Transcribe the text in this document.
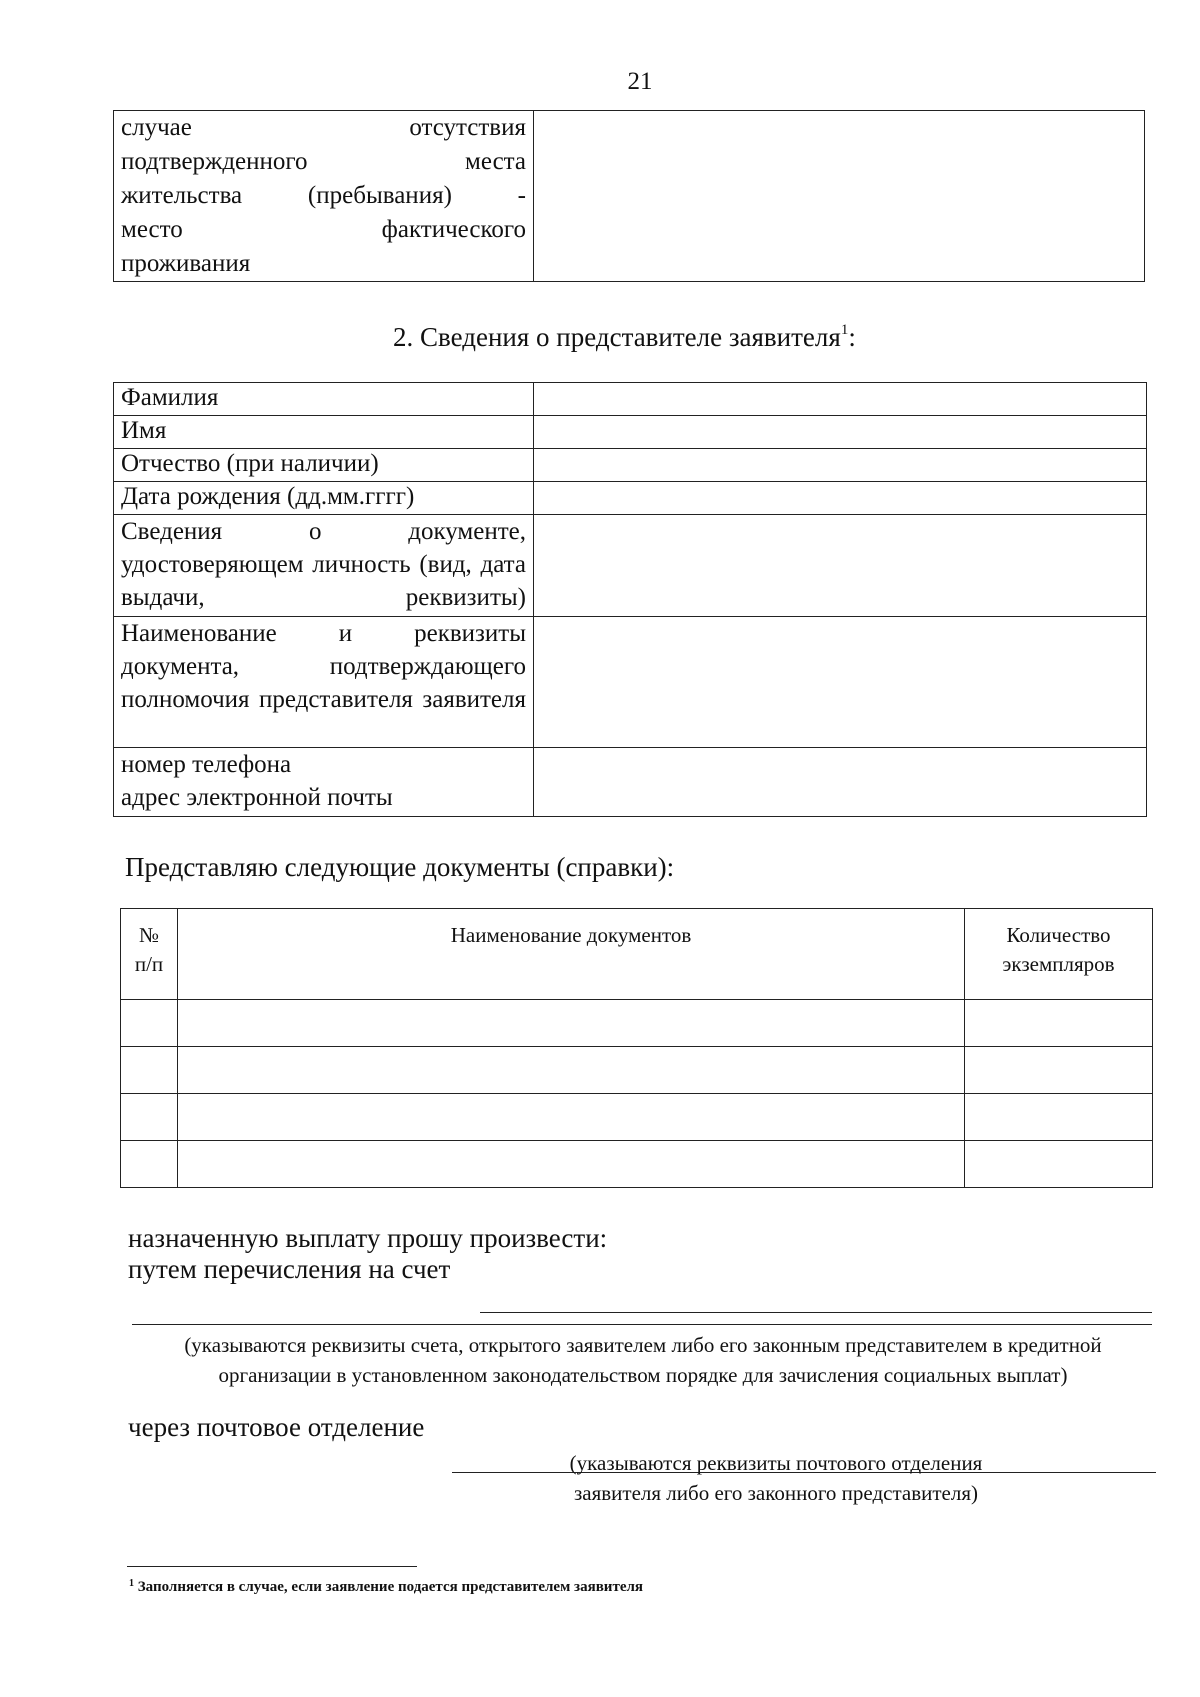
21
случае отсутствия
подтвержденного места
жительства (пребывания) -
место фактического
проживания

2. Сведения о представителе заявителя$^1$:
Фамилия	
Имя	
Отчество (при наличии)	
Дата рождения (дд.мм.гггг)	
Сведения о документе, удостоверяющем личность (вид, дата выдачи, реквизиты)	
Наименование и реквизиты документа, подтверждающего полномочия представителя заявителя	

номер телефона
адрес электронной почты	

Представляю следующие документы (справки):
№ п/п	Наименование документов	Количество экземпляров

назначенную выплату прошу произвести:
путем перечисления на счет
(указываются реквизиты счета, открытого заявителем либо его законным представителем в кредитной организации в установленном законодательством порядке для зачисления социальных выплат)
через почтовое отделение
(указываются реквизиты почтового отделения
заявителя либо его законного представителя)
$^1$ Заполняется в случае, если заявление подается представителем заявителя
